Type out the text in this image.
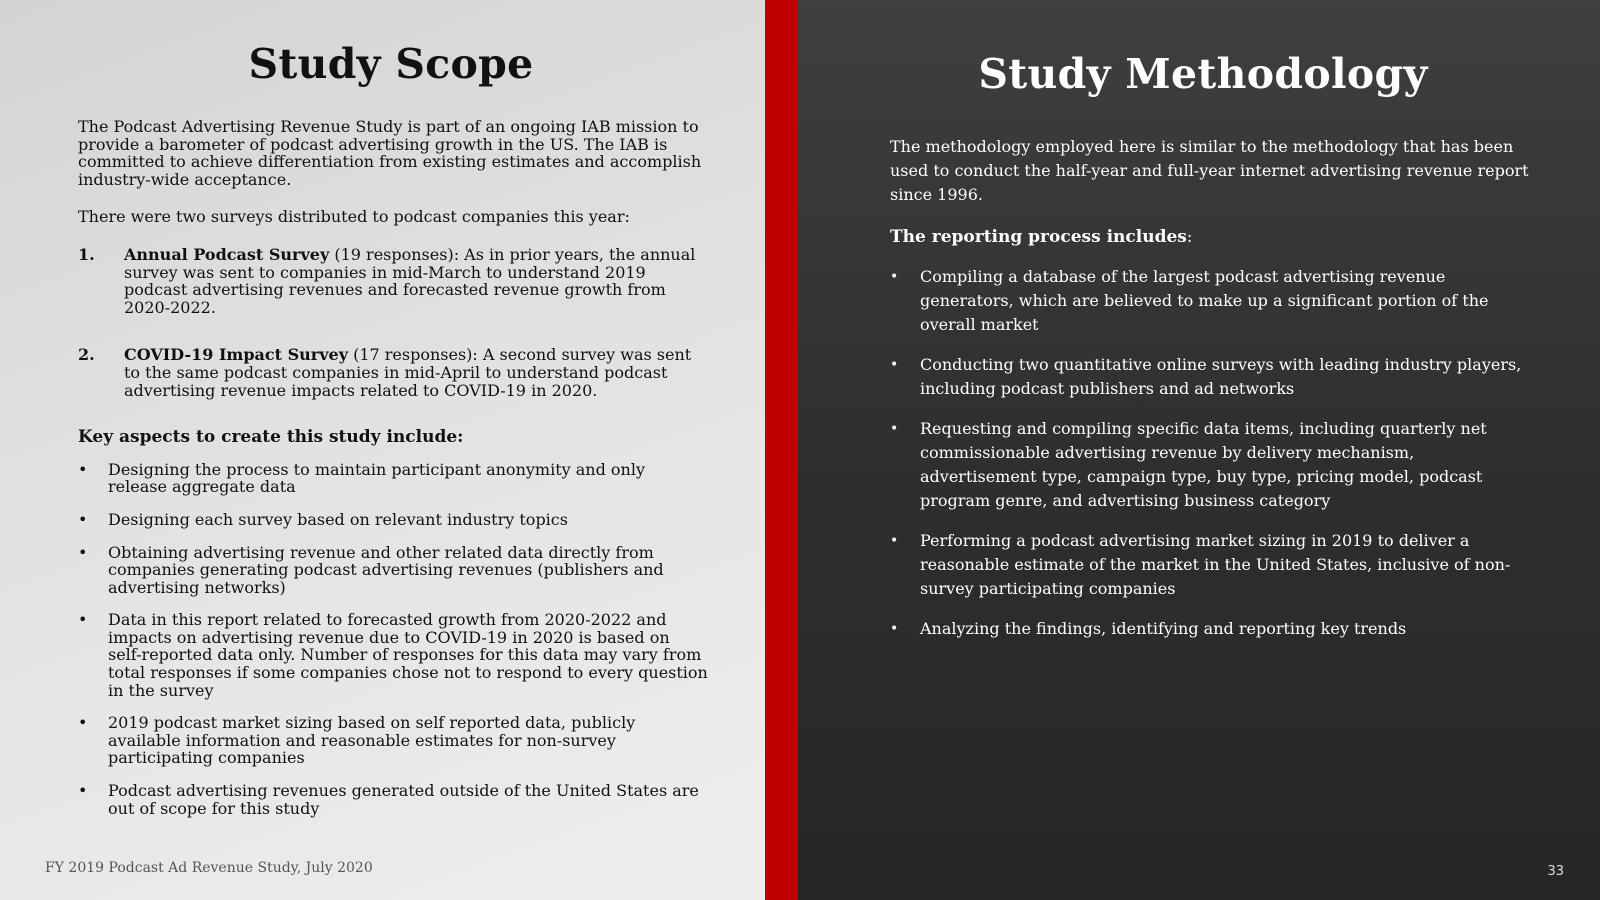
Study Scope

The Podcast Advertising Revenue Study is part of an ongoing IAB mission to provide a barometer of podcast advertising growth in the US. The IAB is committed to achieve differentiation from existing estimates and accomplish industry-wide acceptance.

There were two surveys distributed to podcast companies this year:

1. Annual Podcast Survey (19 responses): As in prior years, the annual survey was sent to companies in mid-March to understand 2019 podcast advertising revenues and forecasted revenue growth from 2020-2022.
2. COVID-19 Impact Survey (17 responses): A second survey was sent to the same podcast companies in mid-April to understand podcast advertising revenue impacts related to COVID-19 in 2020.

Key aspects to create this study include:

• Designing the process to maintain participant anonymity and only release aggregate data
• Designing each survey based on relevant industry topics
• Obtaining advertising revenue and other related data directly from companies generating podcast advertising revenues (publishers and advertising networks)
• Data in this report related to forecasted growth from 2020-2022 and impacts on advertising revenue due to COVID-19 in 2020 is based on self-reported data only. Number of responses for this data may vary from total responses if some companies chose not to respond to every question in the survey
• 2019 podcast market sizing based on self reported data, publicly available information and reasonable estimates for non-survey participating companies
• Podcast advertising revenues generated outside of the United States are out of scope for this study
FY 2019 Podcast Ad Revenue Study, July 2020
Study Methodology

The methodology employed here is similar to the methodology that has been used to conduct the half-year and full-year internet advertising revenue report since 1996.

The reporting process includes:

• Compiling a database of the largest podcast advertising revenue generators, which are believed to make up a significant portion of the overall market
• Conducting two quantitative online surveys with leading industry players, including podcast publishers and ad networks
• Requesting and compiling specific data items, including quarterly net commissionable advertising revenue by delivery mechanism, advertisement type, campaign type, buy type, pricing model, podcast program genre, and advertising business category
• Performing a podcast advertising market sizing in 2019 to deliver a reasonable estimate of the market in the United States, inclusive of non-survey participating companies
• Analyzing the findings, identifying and reporting key trends
33
